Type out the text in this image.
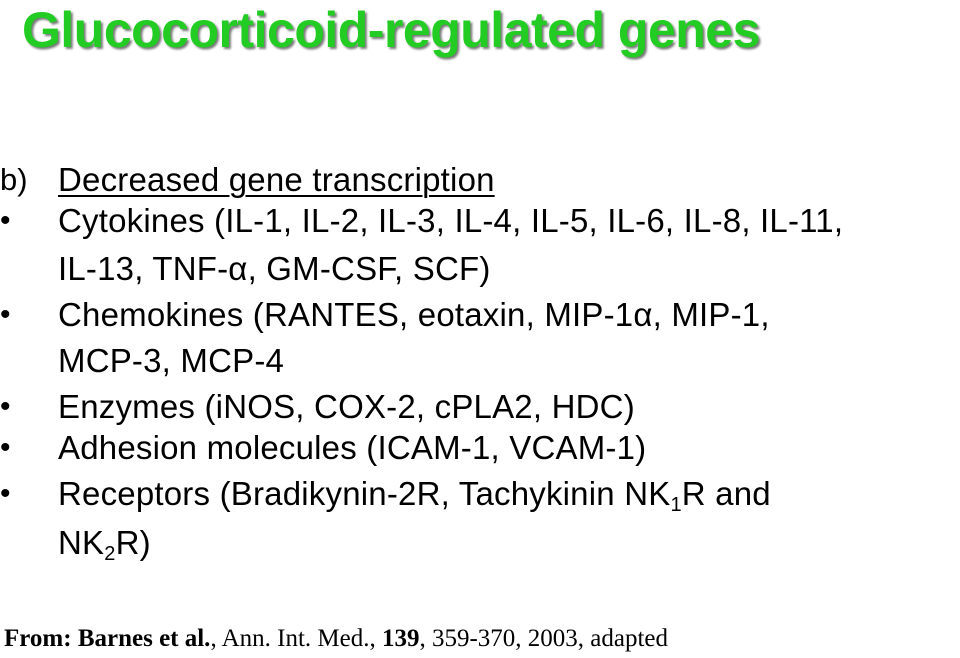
Glucocorticoid-regulated genes
b) Decreased gene transcription
•	Cytokines (IL-1, IL-2, IL-3, IL-4, IL-5, IL-6, IL-8, IL-11,
IL-13, TNF-α, GM-CSF, SCF)
•	Chemokines (RANTES, eotaxin, MIP-1α, MIP-1,
MCP-3, MCP-4
•	Enzymes (iNOS, COX-2, cPLA2, HDC)
•	Adhesion molecules (ICAM-1, VCAM-1)
•	Receptors (Bradikynin-2R, Tachykinin $NK_1R$ and
$NK_2R$)
From: Barnes et al., Ann. Int. Med., 139, 359-370, 2003, adapted
